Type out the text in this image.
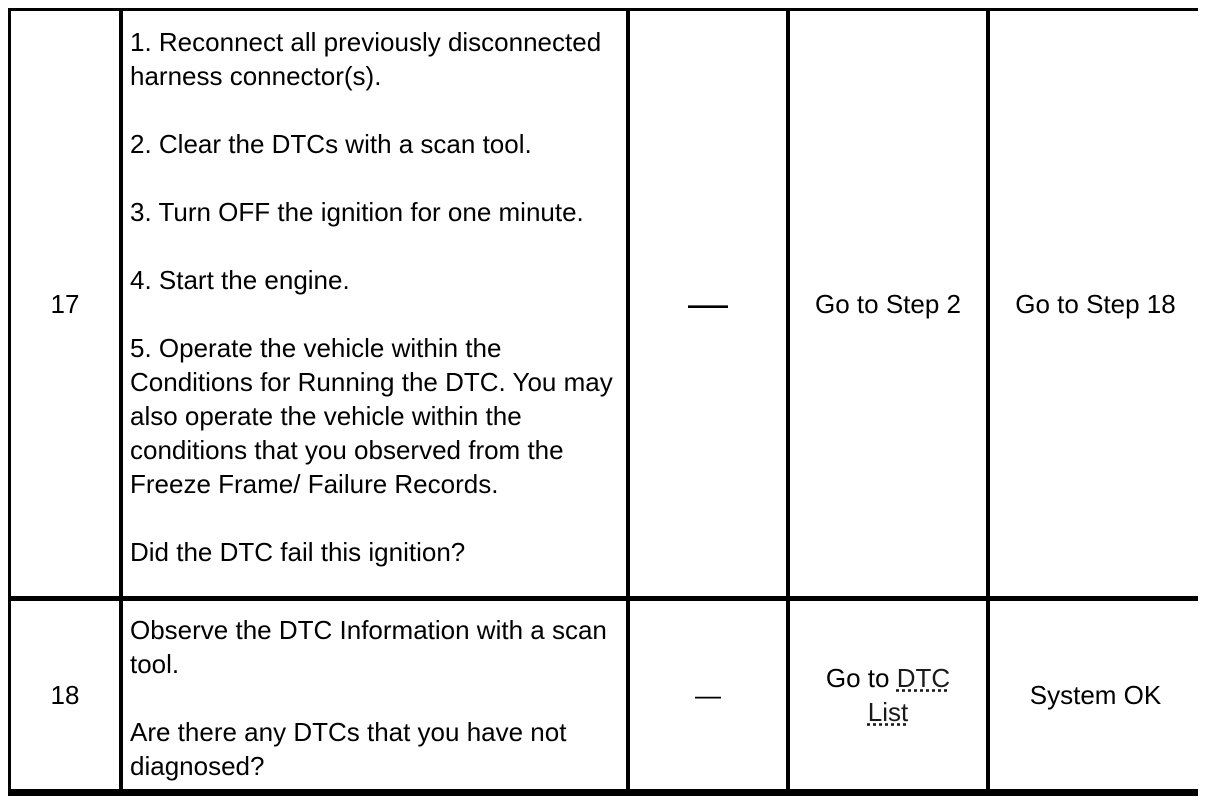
17

1. Reconnect all previously disconnected harness connector(s).

2. Clear the DTCs with a scan tool.

3. Turn OFF the ignition for one minute.

4. Start the engine.

5. Operate the vehicle within the Conditions for Running the DTC. You may also operate the vehicle within the conditions that you observed from the Freeze Frame/ Failure Records.

Did the DTC fail this ignition?

—	Go to Step 2	Go to Step 18
18

Observe the DTC Information with a scan tool.

Are there any DTCs that you have not diagnosed?

—
Go to DTC List
System OK
